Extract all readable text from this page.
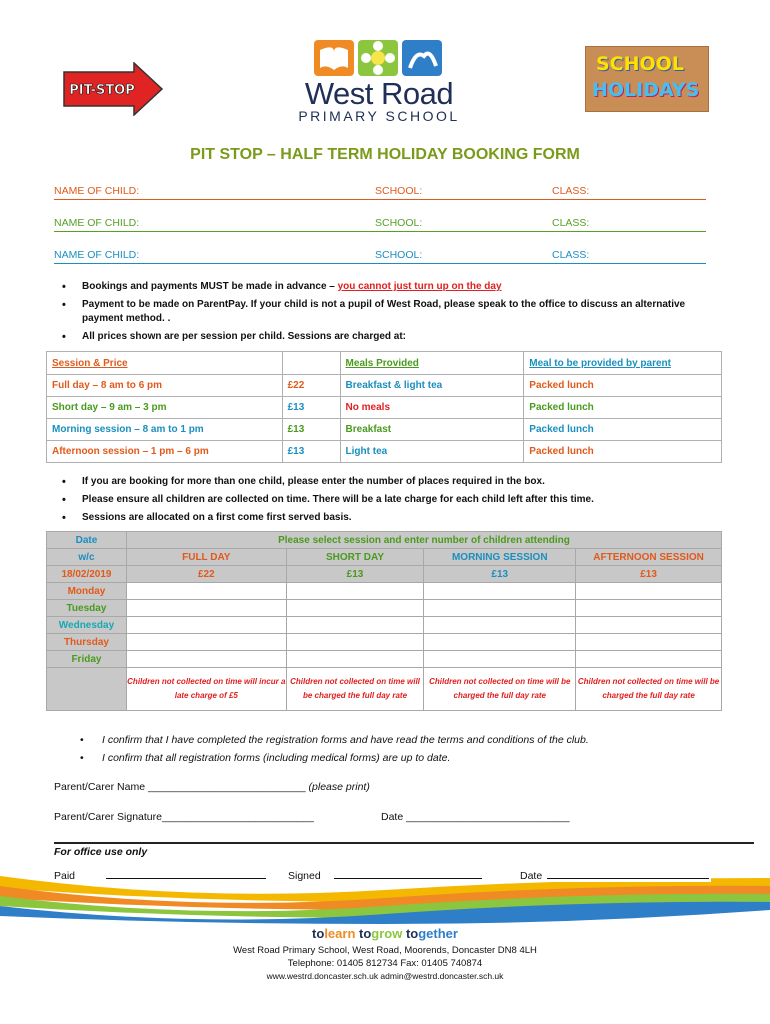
PIT-STOP	West Road
PRIMARY SCHOOL
SCHOOL
HOLIDAYS
PIT STOP – HALF TERM HOLIDAY BOOKING FORM
NAME OF CHILD:	SCHOOL:	CLASS:
NAME OF CHILD:	SCHOOL:	CLASS:
NAME OF CHILD:	SCHOOL:	CLASS:
• Bookings and payments MUST be made in advance – you cannot just turn up on the day
• Payment to be made on ParentPay. If your child is not a pupil of West Road, please speak to the office to discuss an alternative payment method. .
• All prices shown are per session per child. Sessions are charged at:
Session & Price		Meals Provided	Meal to be provided by parent
Full day – 8 am to 6 pm	£22	Breakfast & light tea	Packed lunch
Short day – 9 am – 3 pm	£13	No meals	Packed lunch
Morning session – 8 am to 1 pm	£13	Breakfast	Packed lunch
Afternoon session – 1 pm – 6 pm	£13	Light tea	Packed lunch
• If you are booking for more than one child, please enter the number of places required in the box.
• Please ensure all children are collected on time. There will be a late charge for each child left after this time.
• Sessions are allocated on a first come first served basis.
Date	Please select session and enter number of children attending			
w/c	FULL DAY	SHORT DAY	MORNING SESSION	AFTERNOON SESSION
18/02/2019	£22	£13	£13	£13
Monday				
Tuesday				
Wednesday				
Thursday				
Friday				
	Children not collected on time will incur a late charge of £5	Children not collected on time will be charged the full day rate	Children not collected on time will be charged the full day rate	Children not collected on time will be charged the full day rate
• I confirm that I have completed the registration forms and have read the terms and conditions of the club.
• I confirm that all registration forms (including medical forms) are up to date.
Parent/Carer Name ___________________________ (please print)
Parent/Carer Signature__________________________	Date ____________________________
For office use only
Paid	Signed	Date
tolearn togrow together
West Road Primary School, West Road, Moorends, Doncaster DN8 4LH
Telephone: 01405 812734 Fax: 01405 740874
www.westrd.doncaster.sch.uk admin@westrd.doncaster.sch.uk
